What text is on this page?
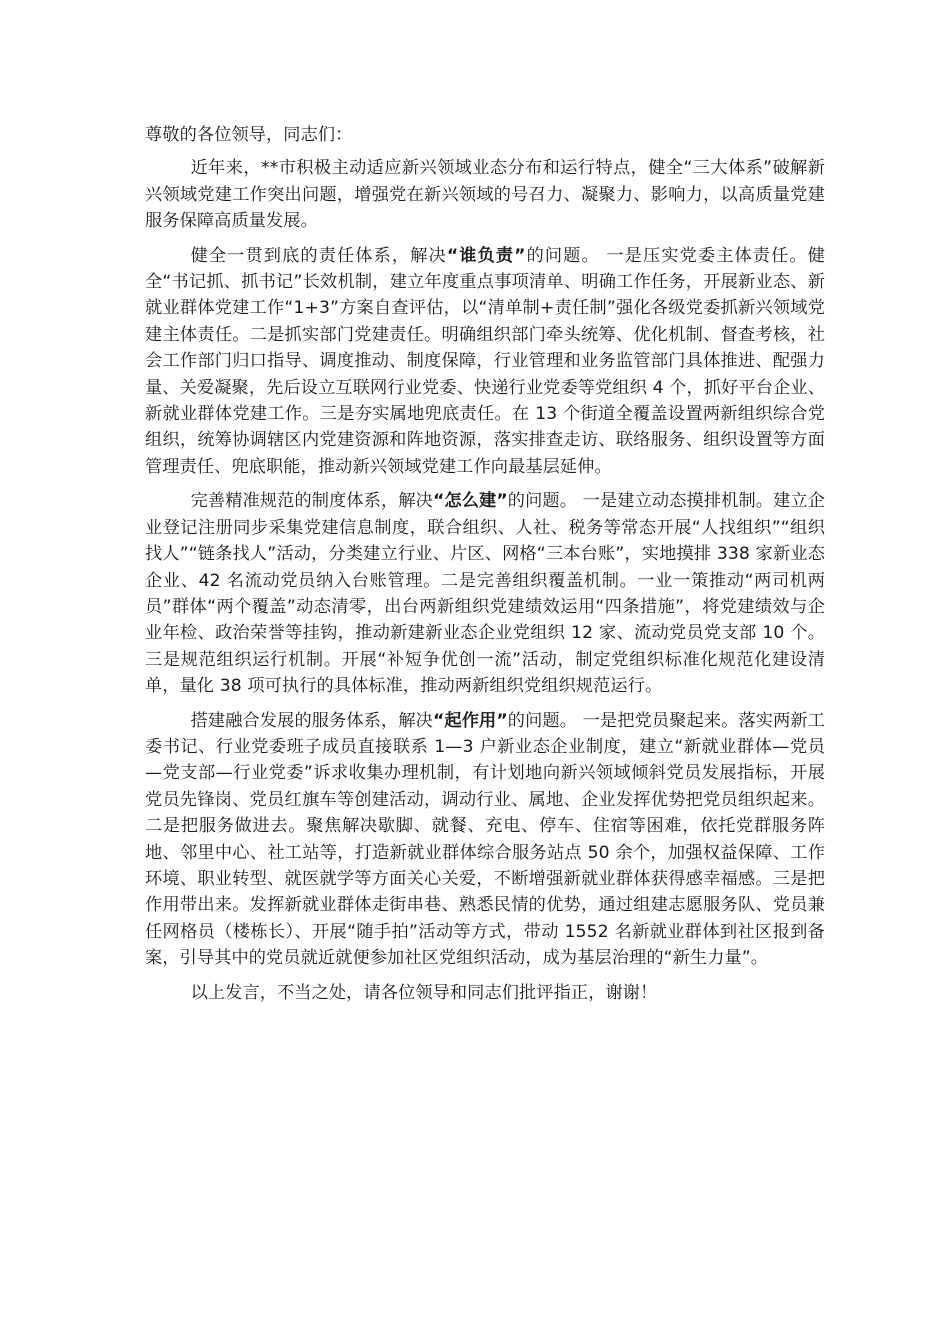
尊敬的各位领导，同志们：

近年来，**市积极主动适应新兴领域业态分布和运行特点，健全“三大体系”破解新兴领域党建工作突出问题，增强党在新兴领域的号召力、凝聚力、影响力，以高质量党建服务保障高质量发展。

健全一贯到底的责任体系，解决“谁负责”的问题。 一是压实党委主体责任。健全“书记抓、抓书记”长效机制，建立年度重点事项清单、明确工作任务，开展新业态、新就业群体党建工作“1+3”方案自查评估，以“清单制+责任制”强化各级党委抓新兴领域党建主体责任。二是抓实部门党建责任。明确组织部门牵头统筹、优化机制、督查考核，社会工作部门归口指导、调度推动、制度保障，行业管理和业务监管部门具体推进、配强力量、关爱凝聚，先后设立互联网行业党委、快递行业党委等党组织 4 个，抓好平台企业、新就业群体党建工作。三是夯实属地兜底责任。在 13 个街道全覆盖设置两新组织综合党组织，统筹协调辖区内党建资源和阵地资源，落实排查走访、联络服务、组织设置等方面管理责任、兜底职能，推动新兴领域党建工作向最基层延伸。

完善精准规范的制度体系，解决“怎么建”的问题。 一是建立动态摸排机制。建立企业登记注册同步采集党建信息制度，联合组织、人社、税务等常态开展“人找组织”“组织找人”“链条找人”活动，分类建立行业、片区、网格“三本台账”，实地摸排 338 家新业态企业、42 名流动党员纳入台账管理。二是完善组织覆盖机制。一业一策推动“两司机两员”群体“两个覆盖”动态清零，出台两新组织党建绩效运用“四条措施”，将党建绩效与企业年检、政治荣誉等挂钩，推动新建新业态企业党组织 12 家、流动党员党支部 10 个。三是规范组织运行机制。开展“补短争优创一流”活动，制定党组织标准化规范化建设清单，量化 38 项可执行的具体标准，推动两新组织党组织规范运行。

搭建融合发展的服务体系，解决“起作用”的问题。 一是把党员聚起来。落实两新工委书记、行业党委班子成员直接联系 1—3 户新业态企业制度，建立“新就业群体—党员—党支部—行业党委”诉求收集办理机制，有计划地向新兴领域倾斜党员发展指标，开展党员先锋岗、党员红旗车等创建活动，调动行业、属地、企业发挥优势把党员组织起来。二是把服务做进去。聚焦解决歇脚、就餐、充电、停车、住宿等困难，依托党群服务阵地、邻里中心、社工站等，打造新就业群体综合服务站点 50 余个，加强权益保障、工作环境、职业转型、就医就学等方面关心关爱，不断增强新就业群体获得感幸福感。三是把作用带出来。发挥新就业群体走街串巷、熟悉民情的优势，通过组建志愿服务队、党员兼任网格员（楼栋长）、开展“随手拍”活动等方式，带动 1552 名新就业群体到社区报到备案，引导其中的党员就近就便参加社区党组织活动，成为基层治理的“新生力量”。

以上发言，不当之处，请各位领导和同志们批评指正，谢谢！
